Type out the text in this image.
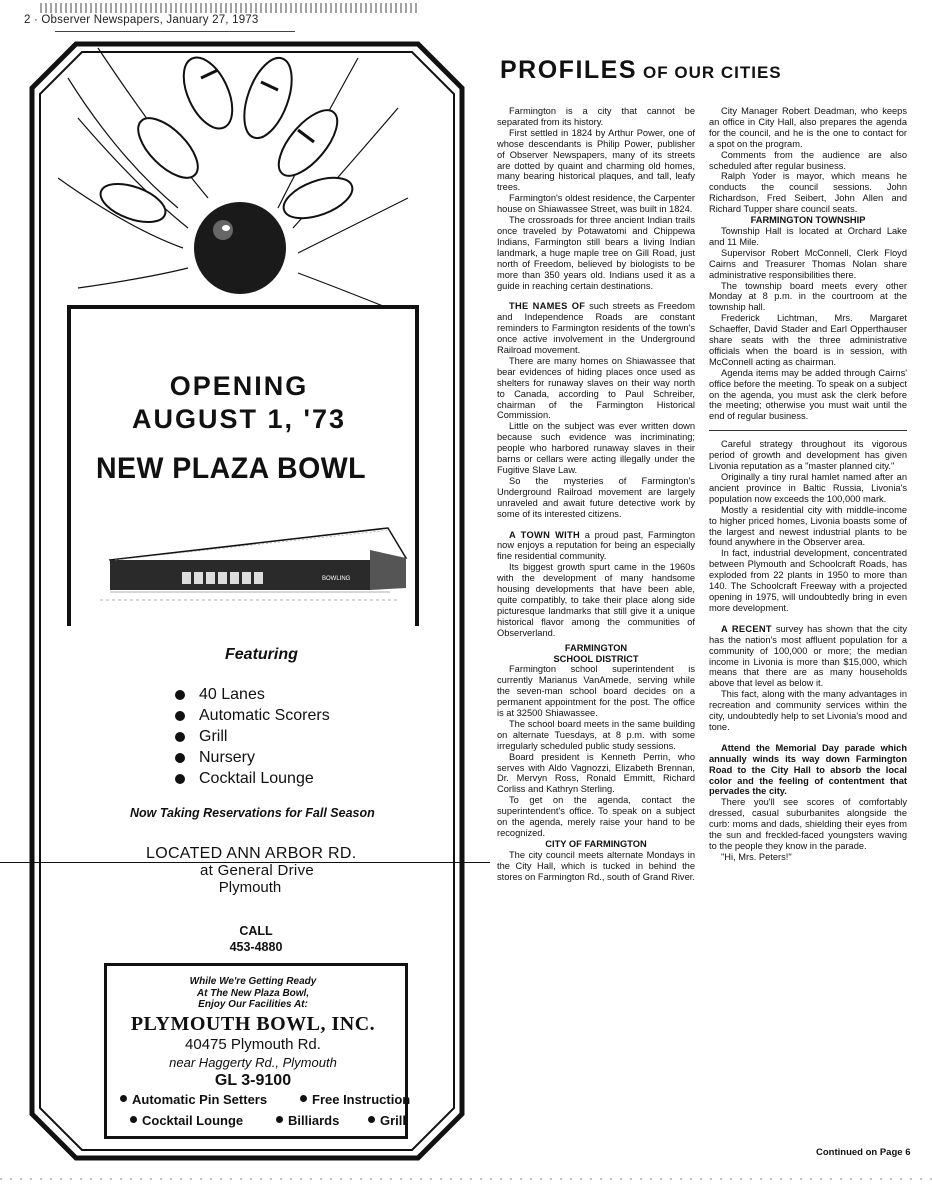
2 · Observer Newspapers, January 27, 1973
OPENING
AUGUST 1, '73
NEW PLAZA BOWL
BOWLING
Featuring
40 Lanes
Automatic Scorers
Grill
Nursery
Cocktail Lounge
Now Taking Reservations for Fall Season
LOCATED ANN ARBOR RD.
at General Drive
Plymouth
CALL
453-4880
While We're Getting Ready
At The New Plaza Bowl,
Enjoy Our Facilities At:
PLYMOUTH BOWL, INC.
40475 Plymouth Rd.
near Haggerty Rd., Plymouth
GL 3-9100
Automatic Pin Setters	Free Instruction
Cocktail Lounge	Billiards	Grill
PROFILES OF OUR CITIES

Farmington is a city that cannot be separated from its history.

First settled in 1824 by Arthur Power, one of whose descendants is Philip Power, publisher of Observer Newspapers, many of its streets are dotted by quaint and charming old homes, many bearing historical plaques, and tall, leafy trees.

Farmington's oldest residence, the Carpenter house on Shiawassee Street, was built in 1824.

The crossroads for three ancient Indian trails once traveled by Potawatomi and Chippewa Indians, Farmington still bears a living Indian landmark, a huge maple tree on Gill Road, just north of Freedom, believed by biologists to be more than 350 years old. Indians used it as a guide in reaching certain destinations.

THE NAMES OF such streets as Freedom and Independence Roads are constant reminders to Farmington residents of the town's once active involvement in the Underground Railroad movement.

There are many homes on Shiawassee that bear evidences of hiding places once used as shelters for runaway slaves on their way north to Canada, according to Paul Schreiber, chairman of the Farmington Historical Commission.

Little on the subject was ever written down because such evidence was incriminating; people who harbored runaway slaves in their barns or cellars were acting illegally under the Fugitive Slave Law.

So the mysteries of Farmington's Underground Railroad movement are largely unraveled and await future detective work by some of its interested citizens.

A TOWN WITH a proud past, Farmington now enjoys a reputation for being an especially fine residential community.

Its biggest growth spurt came in the 1960s with the development of many handsome housing developments that have been able, quite compatibly, to take their place along side picturesque landmarks that still give it a unique historical flavor among the communities of Observerland.

FARMINGTON

SCHOOL DISTRICT

Farmington school superintendent is currently Marianus VanAmede, serving while the seven-man school board decides on a permanent appointment for the post. The office is at 32500 Shiawassee.

The school board meets in the same building on alternate Tuesdays, at 8 p.m. with some irregularly scheduled public study sessions.

Board president is Kenneth Perrin, who serves with Aldo Vagnozzi, Elizabeth Brennan, Dr. Mervyn Ross, Ronald Emmitt, Richard Corliss and Kathryn Sterling.

To get on the agenda, contact the superintendent's office. To speak on a subject on the agenda, merely raise your hand to be recognized.

CITY OF FARMINGTON

The city council meets alternate Mondays in the City Hall, which is tucked in behind the stores on Farmington Rd., south of Grand River.

City Manager Robert Deadman, who keeps an office in City Hall, also prepares the agenda for the council, and he is the one to contact for a spot on the program.

Comments from the audience are also scheduled after regular business.

Ralph Yoder is mayor, which means he conducts the council sessions. John Richardson, Fred Seibert, John Allen and Richard Tupper share council seats.

FARMINGTON TOWNSHIP

Township Hall is located at Orchard Lake and 11 Mile.

Supervisor Robert McConnell, Clerk Floyd Cairns and Treasurer Thomas Nolan share administrative responsibilities there.

The township board meets every other Monday at 8 p.m. in the courtroom at the township hall.

Frederick Lichtman, Mrs. Margaret Schaeffer, David Stader and Earl Opperthauser share seats with the three administrative officials when the board is in session, with McConnell acting as chairman.

Agenda items may be added through Cairns' office before the meeting. To speak on a subject on the agenda, you must ask the clerk before the meeting; otherwise you must wait until the end of regular business.

Careful strategy throughout its vigorous period of growth and development has given Livonia reputation as a "master planned city."

Originally a tiny rural hamlet named after an ancient province in Baltic Russia, Livonia's population now exceeds the 100,000 mark.

Mostly a residential city with middle-income to higher priced homes, Livonia boasts some of the largest and newest industrial plants to be found anywhere in the Observer area.

In fact, industrial development, concentrated between Plymouth and Schoolcraft Roads, has exploded from 22 plants in 1950 to more than 140. The Schoolcraft Freeway with a projected opening in 1975, will undoubtedly bring in even more development.

A RECENT survey has shown that the city has the nation's most affluent population for a community of 100,000 or more; the median income in Livonia is more than $15,000, which means that there are as many households above that level as below it.

This fact, along with the many advantages in recreation and community services within the city, undoubtedly help to set Livonia's mood and tone.

Attend the Memorial Day parade which annually winds its way down Farmington Road to the City Hall to absorb the local color and the feeling of contentment that pervades the city.

There you'll see scores of comfortably dressed, casual suburbanites alongside the curb: moms and dads, shielding their eyes from the sun and freckled-faced youngsters waving to the people they know in the parade.

"Hi, Mrs. Peters!"

Continued on Page 6
